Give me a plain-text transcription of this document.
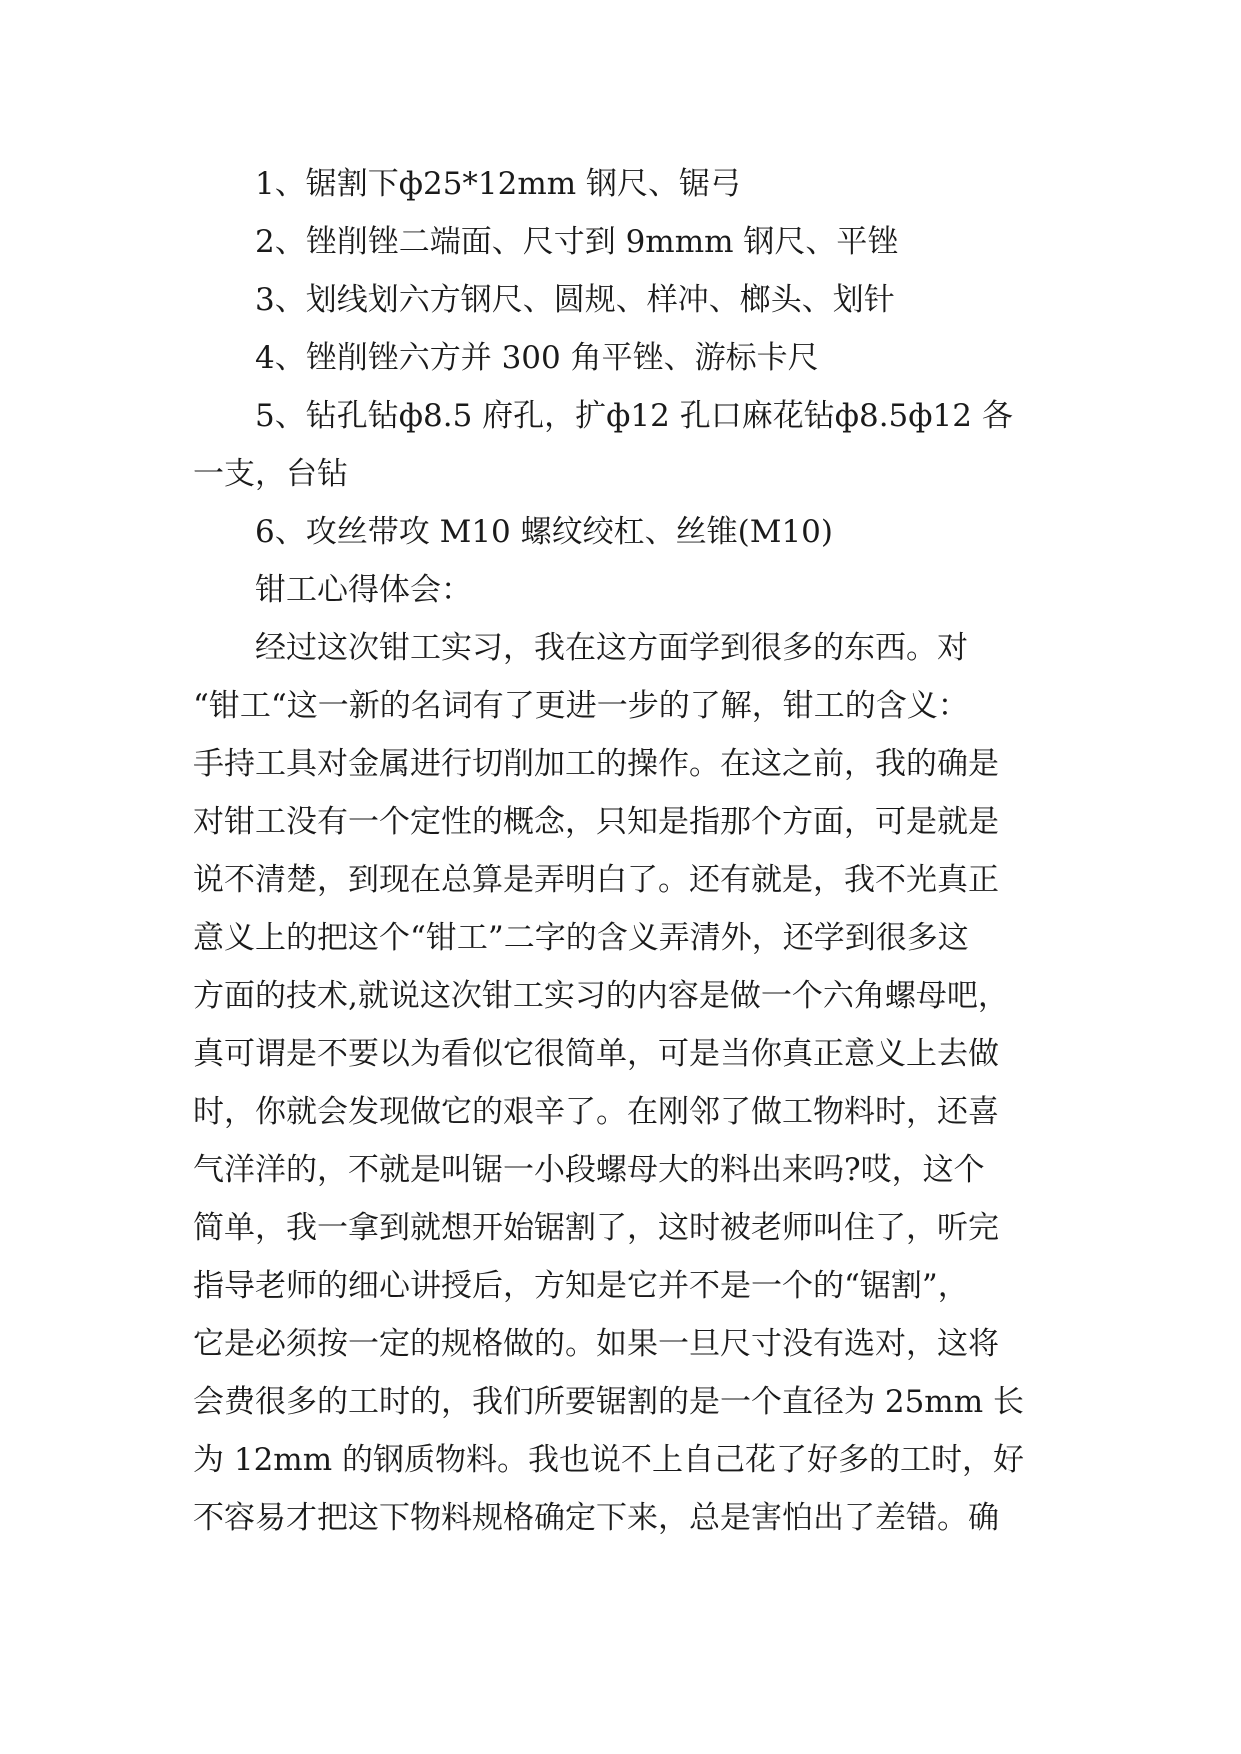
1、锯割下ф25*12mm 钢尺、锯弓
2、锉削锉二端面、尺寸到 9mmm 钢尺、平锉
3、划线划六方钢尺、圆规、样冲、榔头、划针
4、锉削锉六方并 300 角平锉、游标卡尺
5、钻孔钻ф8.5 府孔，扩ф12 孔口麻花钻ф8.5ф12 各
一支，台钻
6、攻丝带攻 M10 螺纹绞杠、丝锥(M10)
钳工心得体会：
经过这次钳工实习，我在这方面学到很多的东西。对
“钳工“这一新的名词有了更进一步的了解，钳工的含义：
手持工具对金属进行切削加工的操作。在这之前，我的确是
对钳工没有一个定性的概念，只知是指那个方面，可是就是
说不清楚，到现在总算是弄明白了。还有就是，我不光真正
意义上的把这个“钳工”二字的含义弄清外，还学到很多这
方面的技术,就说这次钳工实习的内容是做一个六角螺母吧，
真可谓是不要以为看似它很简单，可是当你真正意义上去做
时，你就会发现做它的艰辛了。在刚邻了做工物料时，还喜
气洋洋的，不就是叫锯一小段螺母大的料出来吗?哎，这个
简单，我一拿到就想开始锯割了，这时被老师叫住了，听完
指导老师的细心讲授后，方知是它并不是一个的“锯割”，
它是必须按一定的规格做的。如果一旦尺寸没有选对，这将
会费很多的工时的，我们所要锯割的是一个直径为 25mm 长
为 12mm 的钢质物料。我也说不上自己花了好多的工时，好
不容易才把这下物料规格确定下来，总是害怕出了差错。确
